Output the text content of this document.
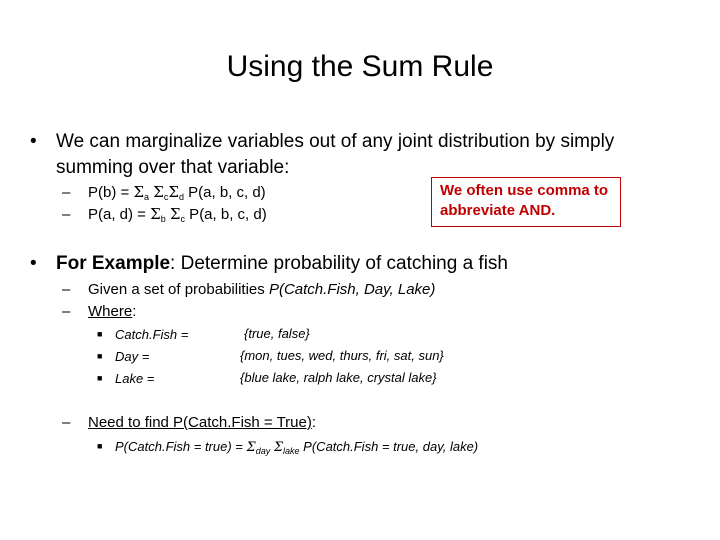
Using the Sum Rule
• We can marginalize variables out of any joint distribution by simply
summing over that variable:
– $P(b) = \Sigma_a$ $\Sigma_c\Sigma_d$ P(a, b, c, d)
– P(a, $d) = \Sigma_b$ $\Sigma_c$ P(a, b, c, d)
We often use comma to abbreviate AND.
• For Example: Determine probability of catching a fish
– Given a set of probabilities P(Catch.Fish, Day, Lake)
– Where:
■ Catch.Fish =	{true, false}
■ Day =	{mon, tues, wed, thurs, fri, sat, sun}
■ Lake =	{blue lake, ralph lake, crystal lake}
– Need to find P(Catch.Fish = True):
■ P(Catch.Fish = true) = $\Sigma_{day}$ $\Sigma_{lake}$ P(Catch.Fish = true, day, lake)
